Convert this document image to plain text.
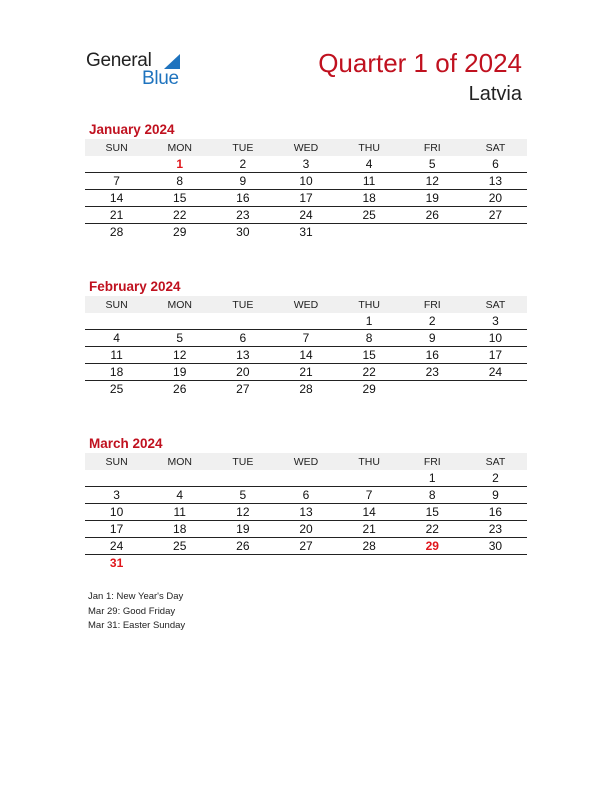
General
Blue
Quarter 1 of 2024
Latvia
January 2024
SUN	MON	TUE	WED	THU	FRI	SAT
	1	2	3	4	5	6
7	8	9	10	11	12	13
14	15	16	17	18	19	20
21	22	23	24	25	26	27
28	29	30	31			
February 2024
SUN	MON	TUE	WED	THU	FRI	SAT
				1	2	3
4	5	6	7	8	9	10
11	12	13	14	15	16	17
18	19	20	21	22	23	24
25	26	27	28	29		
March 2024
SUN	MON	TUE	WED	THU	FRI	SAT
					1	2
3	4	5	6	7	8	9
10	11	12	13	14	15	16
17	18	19	20	21	22	23
24	25	26	27	28	29	30
31						
Jan 1: New Year's Day
Mar 29: Good Friday
Mar 31: Easter Sunday
